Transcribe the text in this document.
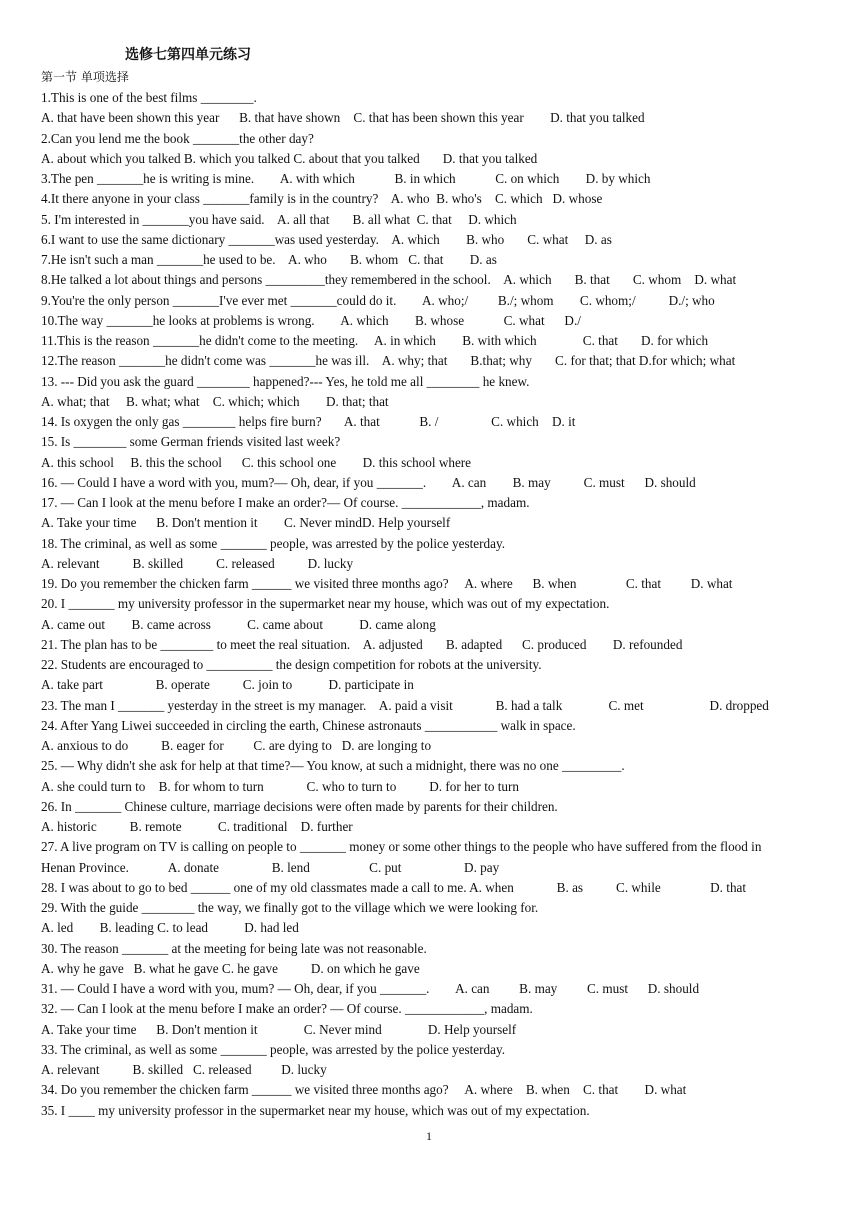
选修七第四单元练习
第一节 单项选择
1.This is one of the best films ________.
A. that have been shown this year      B. that have shown    C. that has been shown this year        D. that you talked
2.Can you lend me the book _______the other day?
A. about which you talked B. which you talked C. about that you talked       D. that you talked
3.The pen _______he is writing is mine.        A. with which            B. in which            C. on which        D. by which
4.It there anyone in your class _______family is in the country?    A. who  B. who's    C. which   D. whose
5. I'm interested in _______you have said.    A. all that       B. all what  C. that     D. which
6.I want to use the same dictionary _______was used yesterday.    A. which        B. who       C. what     D. as
7.He isn't such a man _______he used to be.    A. who       B. whom   C. that        D. as
8.He talked a lot about things and persons _________they remembered in the school.    A. which       B. that       C. whom    D. what
9.You're the only person _______I've ever met _______could do it.        A. who;/         B./; whom        C. whom;/          D./; who
10.The way _______he looks at problems is wrong.        A. which        B. whose            C. what      D./
11.This is the reason _______he didn't come to the meeting.     A. in which        B. with which              C. that       D. for which
12.The reason _______he didn't come was _______he was ill.    A. why; that       B.that; why       C. for that; that D.for which; what
13. --- Did you ask the guard ________ happened?--- Yes, he told me all ________ he knew.
A. what; that     B. what; what    C. which; which        D. that; that
14. Is oxygen the only gas ________ helps fire burn?       A. that            B. /                C. which    D. it
15. Is ________ some German friends visited last week?
A. this school     B. this the school      C. this school one        D. this school where
16. — Could I have a word with you, mum?— Oh, dear, if you _______.        A. can        B. may          C. must      D. should
17. — Can I look at the menu before I make an order?— Of course. ____________, madam.
A. Take your time      B. Don't mention it        C. Never mindD. Help yourself
18. The criminal, as well as some _______ people, was arrested by the police yesterday.
A. relevant          B. skilled          C. released          D. lucky
19. Do you remember the chicken farm ______ we visited three months ago?     A. where      B. when               C. that         D. what
20. I _______ my university professor in the supermarket near my house, which was out of my expectation.
A. came out        B. came across           C. came about           D. came along
21. The plan has to be ________ to meet the real situation.    A. adjusted       B. adapted      C. produced        D. refounded
22. Students are encouraged to __________ the design competition for robots at the university.
A. take part                B. operate          C. join to           D. participate in
23. The man I _______ yesterday in the street is my manager.    A. paid a visit             B. had a talk              C. met                    D. dropped
24. After Yang Liwei succeeded in circling the earth, Chinese astronauts ___________ walk in space.
A. anxious to do          B. eager for         C. are dying to   D. are longing to
25. — Why didn't she ask for help at that time?— You know, at such a midnight, there was no one _________.
A. she could turn to    B. for whom to turn             C. who to turn to          D. for her to turn
26. In _______ Chinese culture, marriage decisions were often made by parents for their children.
A. historic          B. remote           C. traditional    D. further
27. A live program on TV is calling on people to _______ money or some other things to the people who have suffered from the flood in
Henan Province.            A. donate                B. lend                  C. put                   D. pay
28. I was about to go to bed ______ one of my old classmates made a call to me. A. when             B. as          C. while               D. that
29. With the guide ________ the way, we finally got to the village which we were looking for.
A. led        B. leading C. to lead           D. had led
30. The reason _______ at the meeting for being late was not reasonable.
A. why he gave   B. what he gave C. he gave          D. on which he gave
31. — Could I have a word with you, mum? — Oh, dear, if you _______.        A. can         B. may         C. must      D. should
32. — Can I look at the menu before I make an order? — Of course. ____________, madam.
A. Take your time      B. Don't mention it              C. Never mind              D. Help yourself
33. The criminal, as well as some _______ people, was arrested by the police yesterday.
A. relevant          B. skilled   C. released         D. lucky
34. Do you remember the chicken farm ______ we visited three months ago?     A. where    B. when    C. that        D. what
35. I ____ my university professor in the supermarket near my house, which was out of my expectation.
1
